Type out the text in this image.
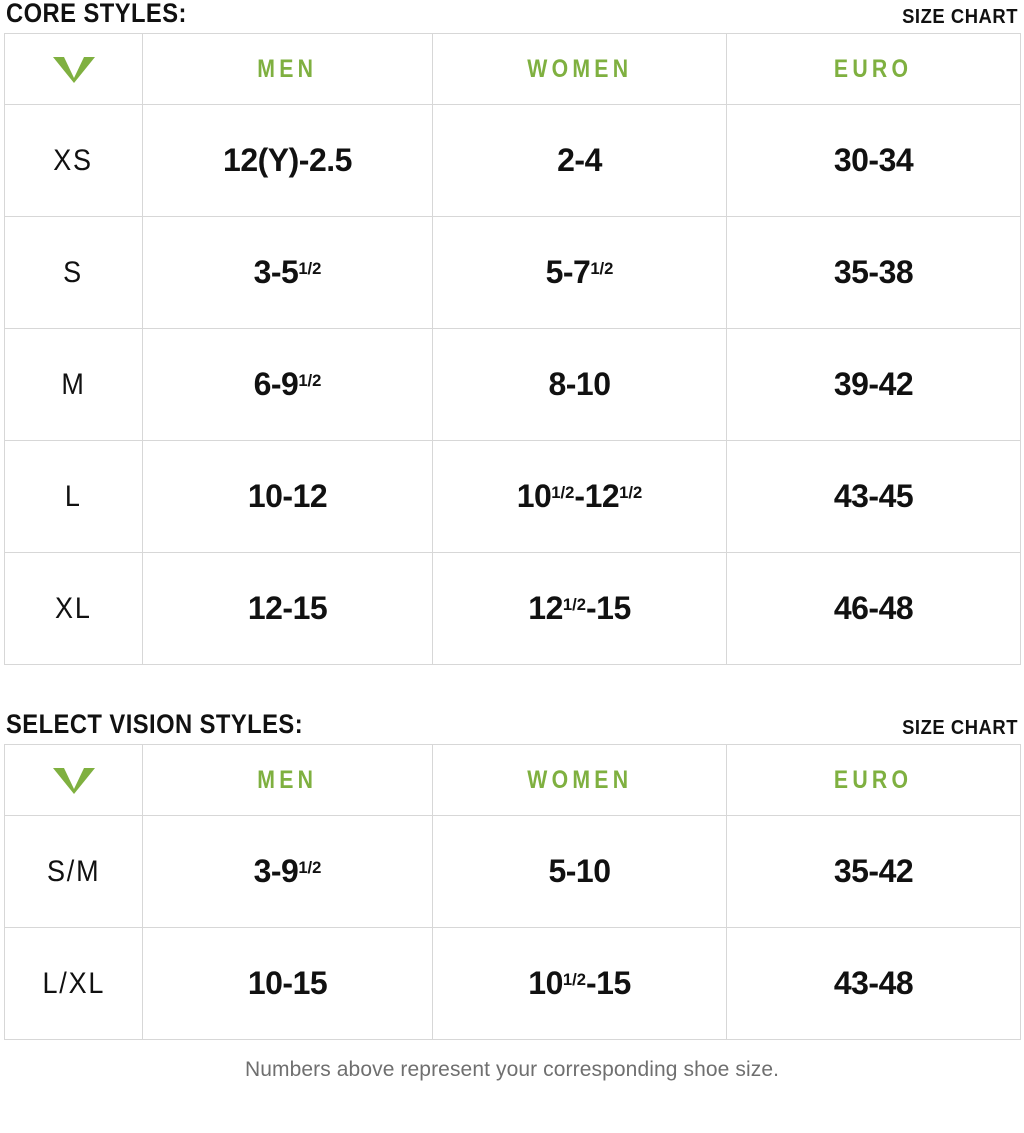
CORE STYLES:	SIZE CHART
	MEN	WOMEN	EURO
XS	12(Y)-2.5	2-4	30-34
S	$3-5^{1/2}$	$5-7^{1/2}$	35-38
M	$6-9^{1/2}$	8-10	39-42
L	10-12	$10^{1/2}-12^{1/2}$	43-45
XL	12-15	$12^{1/2}-15$	46-48
SELECT VISION STYLES:	SIZE CHART
	MEN	WOMEN	EURO
S/M	$3-9^{1/2}$	5-10	35-42
L/XL	10-15	$10^{1/2}-15$	43-48
Numbers above represent your corresponding shoe size.
